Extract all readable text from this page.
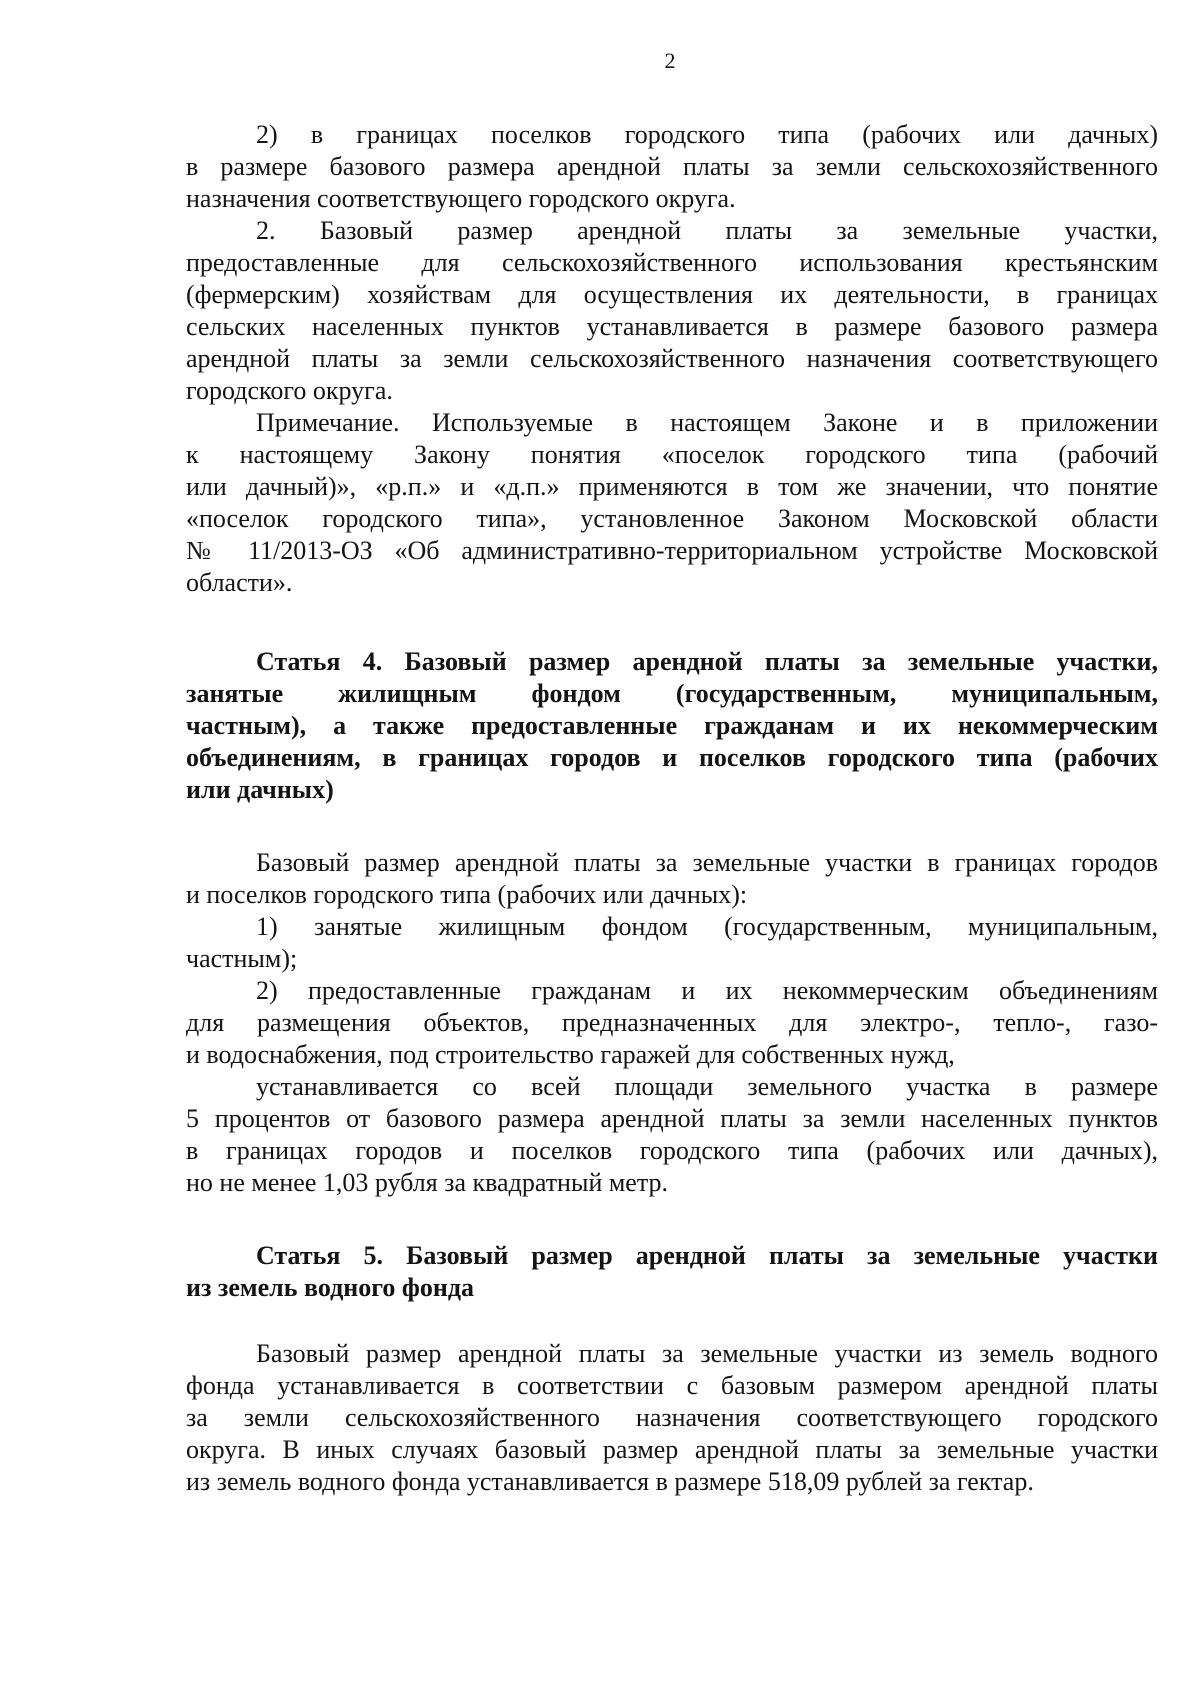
2
2) в границах поселков городского типа (рабочих или дачных)
в размере базового размера арендной платы за земли сельскохозяйственного
назначения соответствующего городского округа.
2. Базовый размер арендной платы за земельные участки,
предоставленные для сельскохозяйственного использования крестьянским
(фермерским) хозяйствам для осуществления их деятельности, в границах
сельских населенных пунктов устанавливается в размере базового размера
арендной платы за земли сельскохозяйственного назначения соответствующего
городского округа.
Примечание. Используемые в настоящем Законе и в приложении
к настоящему Закону понятия «поселок городского типа (рабочий
или дачный)», «р.п.» и «д.п.» применяются в том же значении, что понятие
«поселок городского типа», установленное Законом Московской области
№ 11/2013-ОЗ «Об административно-территориальном устройстве Московской
области».
Статья 4. Базовый размер арендной платы за земельные участки,
занятые жилищным фондом (государственным, муниципальным,
частным), а также предоставленные гражданам и их некоммерческим
объединениям, в границах городов и поселков городского типа (рабочих
или дачных)
Базовый размер арендной платы за земельные участки в границах городов
и поселков городского типа (рабочих или дачных):
1) занятые жилищным фондом (государственным, муниципальным,
частным);
2) предоставленные гражданам и их некоммерческим объединениям
для размещения объектов, предназначенных для электро-, тепло-, газо-
и водоснабжения, под строительство гаражей для собственных нужд,
устанавливается со всей площади земельного участка в размере
5 процентов от базового размера арендной платы за земли населенных пунктов
в границах городов и поселков городского типа (рабочих или дачных),
но не менее 1,03 рубля за квадратный метр.
Статья 5. Базовый размер арендной платы за земельные участки
из земель водного фонда
Базовый размер арендной платы за земельные участки из земель водного
фонда устанавливается в соответствии с базовым размером арендной платы
за земли сельскохозяйственного назначения соответствующего городского
округа. В иных случаях базовый размер арендной платы за земельные участки
из земель водного фонда устанавливается в размере 518,09 рублей за гектар.
